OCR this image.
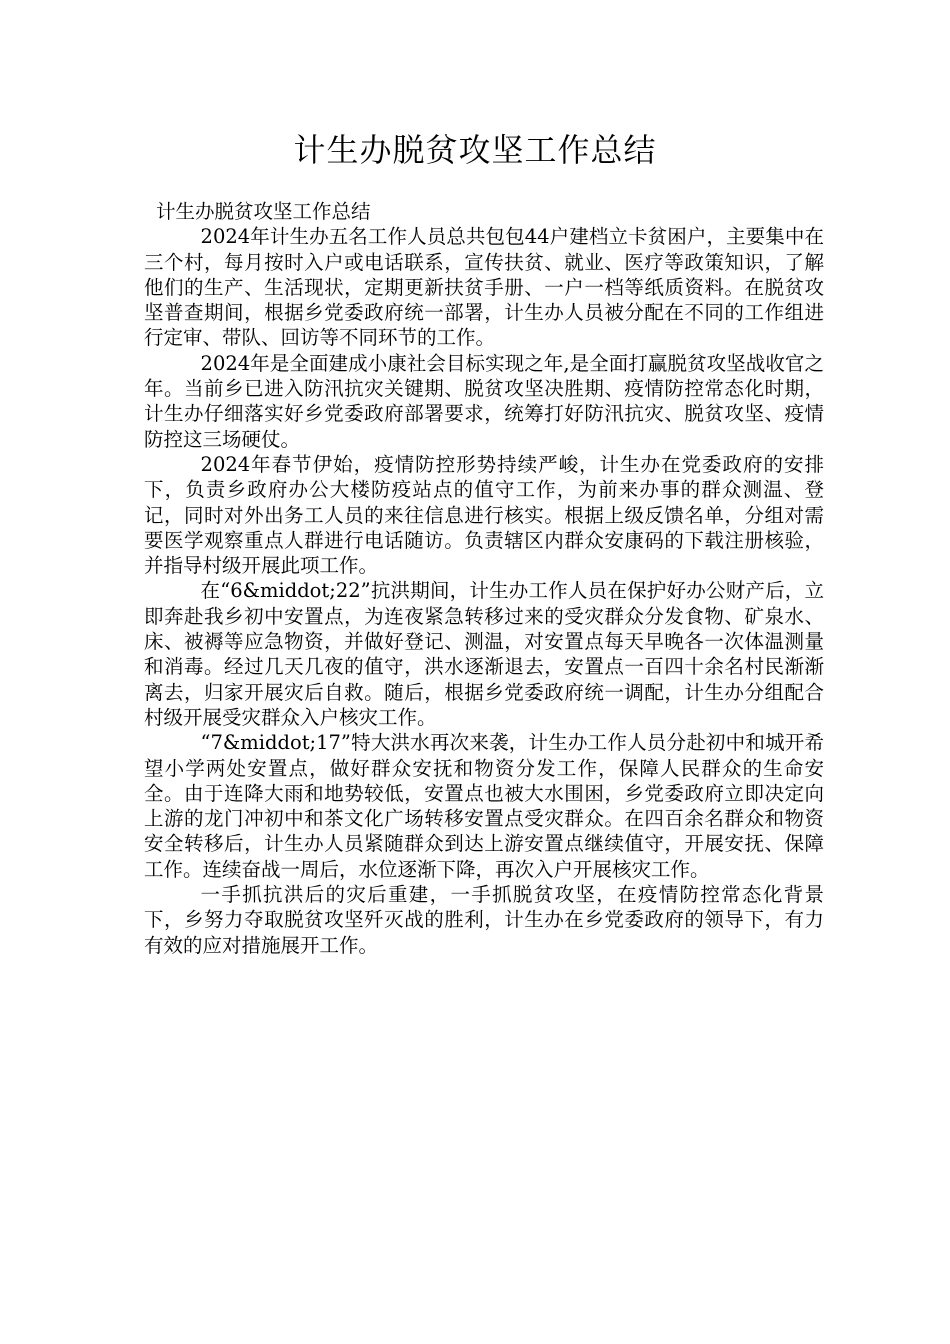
计生办脱贫攻坚工作总结

计生办脱贫攻坚工作总结

2024年计生办五名工作人员总共包包44户建档立卡贫困户，主要集中在三个村，每月按时入户或电话联系，宣传扶贫、就业、医疗等政策知识，了解他们的生产、生活现状，定期更新扶贫手册、一户一档等纸质资料。在脱贫攻坚普查期间，根据乡党委政府统一部署，计生办人员被分配在不同的工作组进行定审、带队、回访等不同环节的工作。

2024年是全面建成小康社会目标实现之年,是全面打赢脱贫攻坚战收官之年。当前乡已进入防汛抗灾关键期、脱贫攻坚决胜期、疫情防控常态化时期，计生办仔细落实好乡党委政府部署要求，统筹打好防汛抗灾、脱贫攻坚、疫情防控这三场硬仗。

2024年春节伊始，疫情防控形势持续严峻，计生办在党委政府的安排下，负责乡政府办公大楼防疫站点的值守工作，为前来办事的群众测温、登记，同时对外出务工人员的来往信息进行核实。根据上级反馈名单，分组对需要医学观察重点人群进行电话随访。负责辖区内群众安康码的下载注册核验，并指导村级开展此项工作。

在“6&middot;22”抗洪期间，计生办工作人员在保护好办公财产后，立即奔赴我乡初中安置点，为连夜紧急转移过来的受灾群众分发食物、矿泉水、床、被褥等应急物资，并做好登记、测温，对安置点每天早晚各一次体温测量和消毒。经过几天几夜的值守，洪水逐渐退去，安置点一百四十余名村民渐渐离去，归家开展灾后自救。随后，根据乡党委政府统一调配，计生办分组配合村级开展受灾群众入户核灾工作。

“7&middot;17”特大洪水再次来袭，计生办工作人员分赴初中和城开希望小学两处安置点，做好群众安抚和物资分发工作，保障人民群众的生命安全。由于连降大雨和地势较低，安置点也被大水围困，乡党委政府立即决定向上游的龙门冲初中和茶文化广场转移安置点受灾群众。在四百余名群众和物资安全转移后，计生办人员紧随群众到达上游安置点继续值守，开展安抚、保障工作。连续奋战一周后，水位逐渐下降，再次入户开展核灾工作。

一手抓抗洪后的灾后重建，一手抓脱贫攻坚，在疫情防控常态化背景下，乡努力夺取脱贫攻坚歼灭战的胜利，计生办在乡党委政府的领导下，有力有效的应对措施展开工作。
